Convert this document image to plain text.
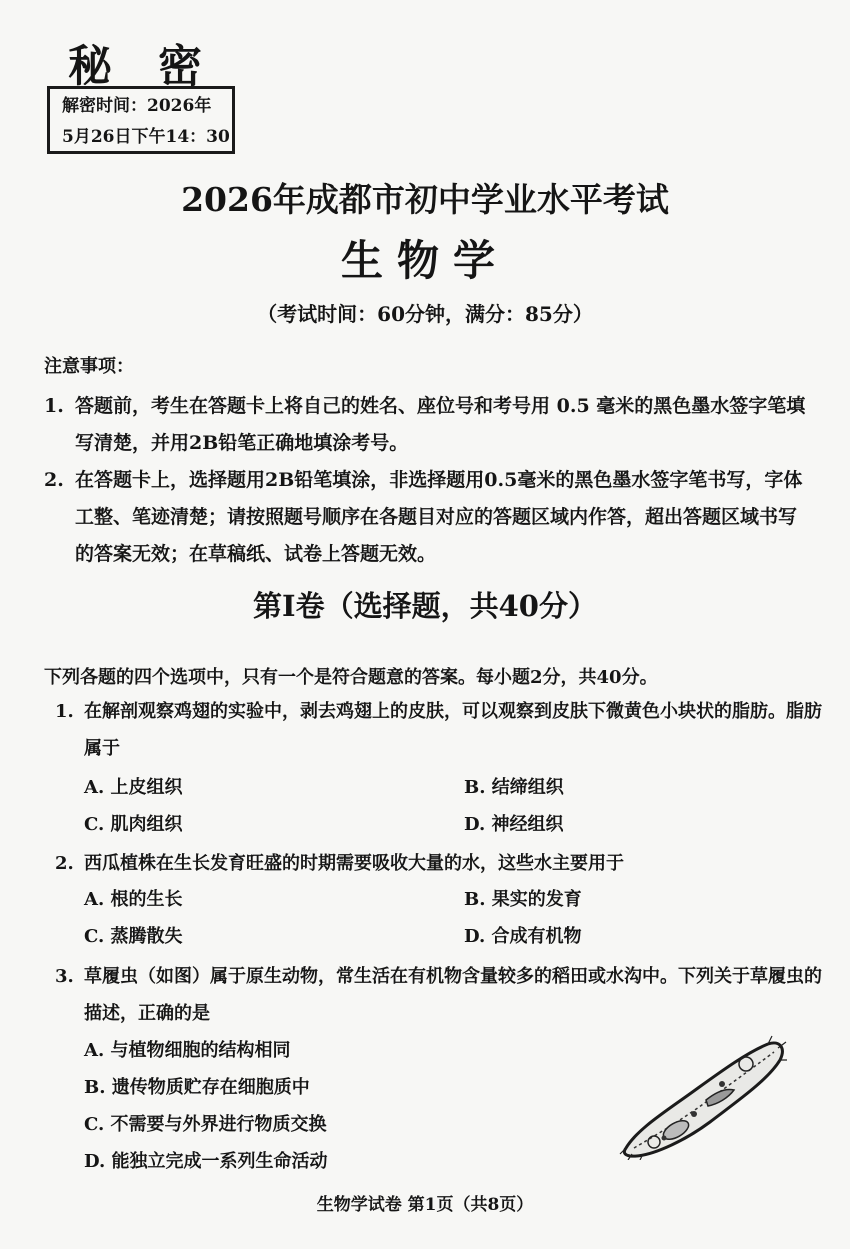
秘 密
解密时间：2026年
5月26日下午14：30
2026年成都市初中学业水平考试
生物学
（考试时间：60分钟，满分：85分）
注意事项：
1. 答题前，考生在答题卡上将自己的姓名、座位号和考号用 0.5 毫米的黑色墨水签字笔填写清楚，并用2B铅笔正确地填涂考号。
2. 在答题卡上，选择题用2B铅笔填涂，非选择题用0.5毫米的黑色墨水签字笔书写，字体工整、笔迹清楚；请按照题号顺序在各题目对应的答题区域内作答，超出答题区域书写的答案无效；在草稿纸、试卷上答题无效。
第Ⅰ卷（选择题，共40分）
下列各题的四个选项中，只有一个是符合题意的答案。每小题2分，共40分。
1. 在解剖观察鸡翅的实验中，剥去鸡翅上的皮肤，可以观察到皮肤下微黄色小块状的脂肪。脂肪属于
A. 上皮组织	B. 结缔组织
C. 肌肉组织	D. 神经组织
2. 西瓜植株在生长发育旺盛的时期需要吸收大量的水，这些水主要用于
A. 根的生长	B. 果实的发育
C. 蒸腾散失	D. 合成有机物
3. 草履虫（如图）属于原生动物，常生活在有机物含量较多的稻田或水沟中。下列关于草履虫的描述，正确的是
A. 与植物细胞的结构相同
B. 遗传物质贮存在细胞质中
C. 不需要与外界进行物质交换
D. 能独立完成一系列生命活动
生物学试卷 第1页（共8页）
